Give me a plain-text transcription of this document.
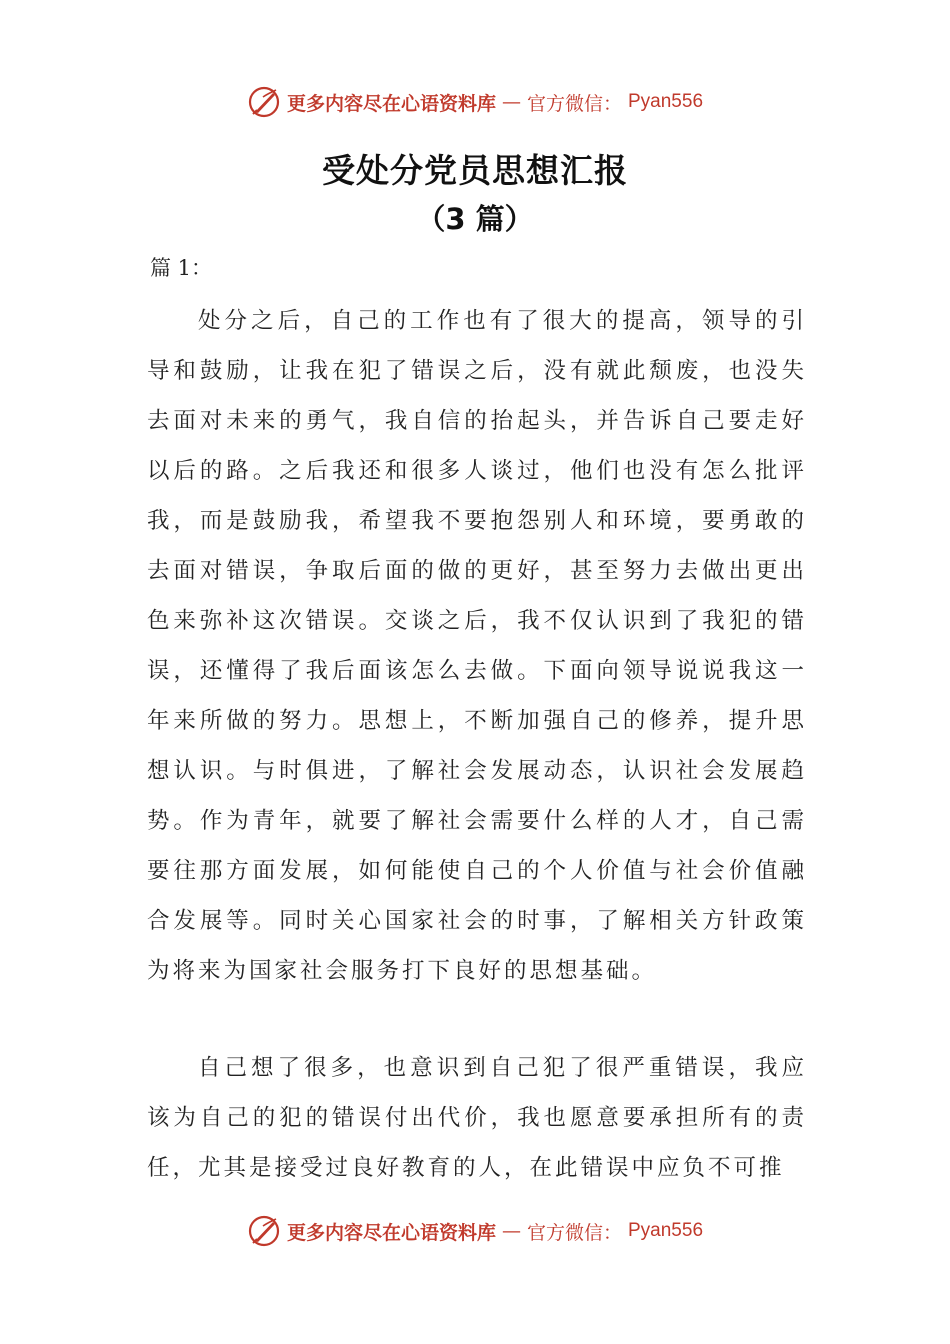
更多内容尽在心语资料库 — 官方微信： Pyan556
受处分党员思想汇报
（3 篇）
篇 1：

处分之后，自己的工作也有了很大的提高，领导的引导和鼓励，让我在犯了错误之后，没有就此颓废，也没失去面对未来的勇气，我自信的抬起头，并告诉自己要走好以后的路。之后我还和很多人谈过，他们也没有怎么批评我，而是鼓励我，希望我不要抱怨别人和环境，要勇敢的去面对错误，争取后面的做的更好，甚至努力去做出更出色来弥补这次错误。交谈之后，我不仅认识到了我犯的错误，还懂得了我后面该怎么去做。下面向领导说说我这一年来所做的努力。思想上，不断加强自己的修养，提升思想认识。与时俱进，了解社会发展动态，认识社会发展趋势。作为青年，就要了解社会需要什么样的人才，自己需要往那方面发展，如何能使自己的个人价值与社会价值融合发展等。同时关心国家社会的时事，了解相关方针政策为将来为国家社会服务打下良好的思想基础。

自己想了很多，也意识到自己犯了很严重错误，我应该为自己的犯的错误付出代价，我也愿意要承担所有的责任，尤其是接受过良好教育的人，在此错误中应负不可推

更多内容尽在心语资料库 — 官方微信： Pyan556
